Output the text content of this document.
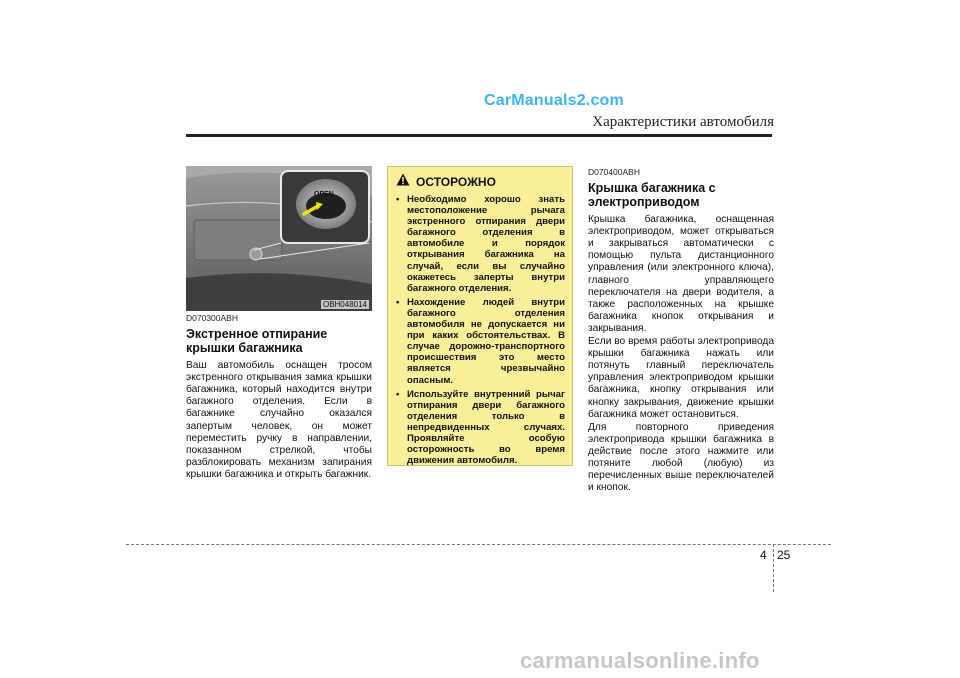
CarManuals2.com
Характеристики автомобиля
OPEN
OBH048014
D070300ABH
Экстренное отпирание крышки багажника

Ваш автомобиль оснащен тросом экстренного открывания замка крышки багажника, который находится внутри багажного отделения. Если в багажнике случайно оказался запертым человек, он может переместить ручку в направлении, показанном стрелкой, чтобы разблокировать механизм запирания крышки багажника и открыть багажник.

ОСТОРОЖНО
• Необходимо хорошо знать местоположение рычага экстренного отпирания двери багажного отделения в автомобиле и порядок открывания багажника на случай, если вы случайно окажетесь заперты внутри багажного отделения.
• Нахождение людей внутри багажного отделения автомобиля не допускается ни при каких обстоятельствах. В случае дорожно-транспортного происшествия это место является чрезвычайно опасным.
• Используйте внутренний рычаг отпирания двери багажного отделения только в непредвиденных случаях. Проявляйте особую осторожность во время движения автомобиля.
D070400ABH
Крышка багажника с электроприводом

Крышка багажника, оснащенная электроприводом, может открываться и закрываться автоматически с помощью пульта дистанционного управления (или электронного ключа), главного управляющего переключателя на двери водителя, а также расположенных на крышке багажника кнопок открывания и закрывания.

Если во время работы электропривода крышки багажника нажать или потянуть главный переключатель управления электроприводом крышки багажника, кнопку открывания или кнопку закрывания, движение крышки багажника может остановиться.

Для повторного приведения электропривода крышки багажника в действие после этого нажмите или потяните любой (любую) из перечисленных выше переключателей и кнопок.

4 25
carmanualsonline.info
